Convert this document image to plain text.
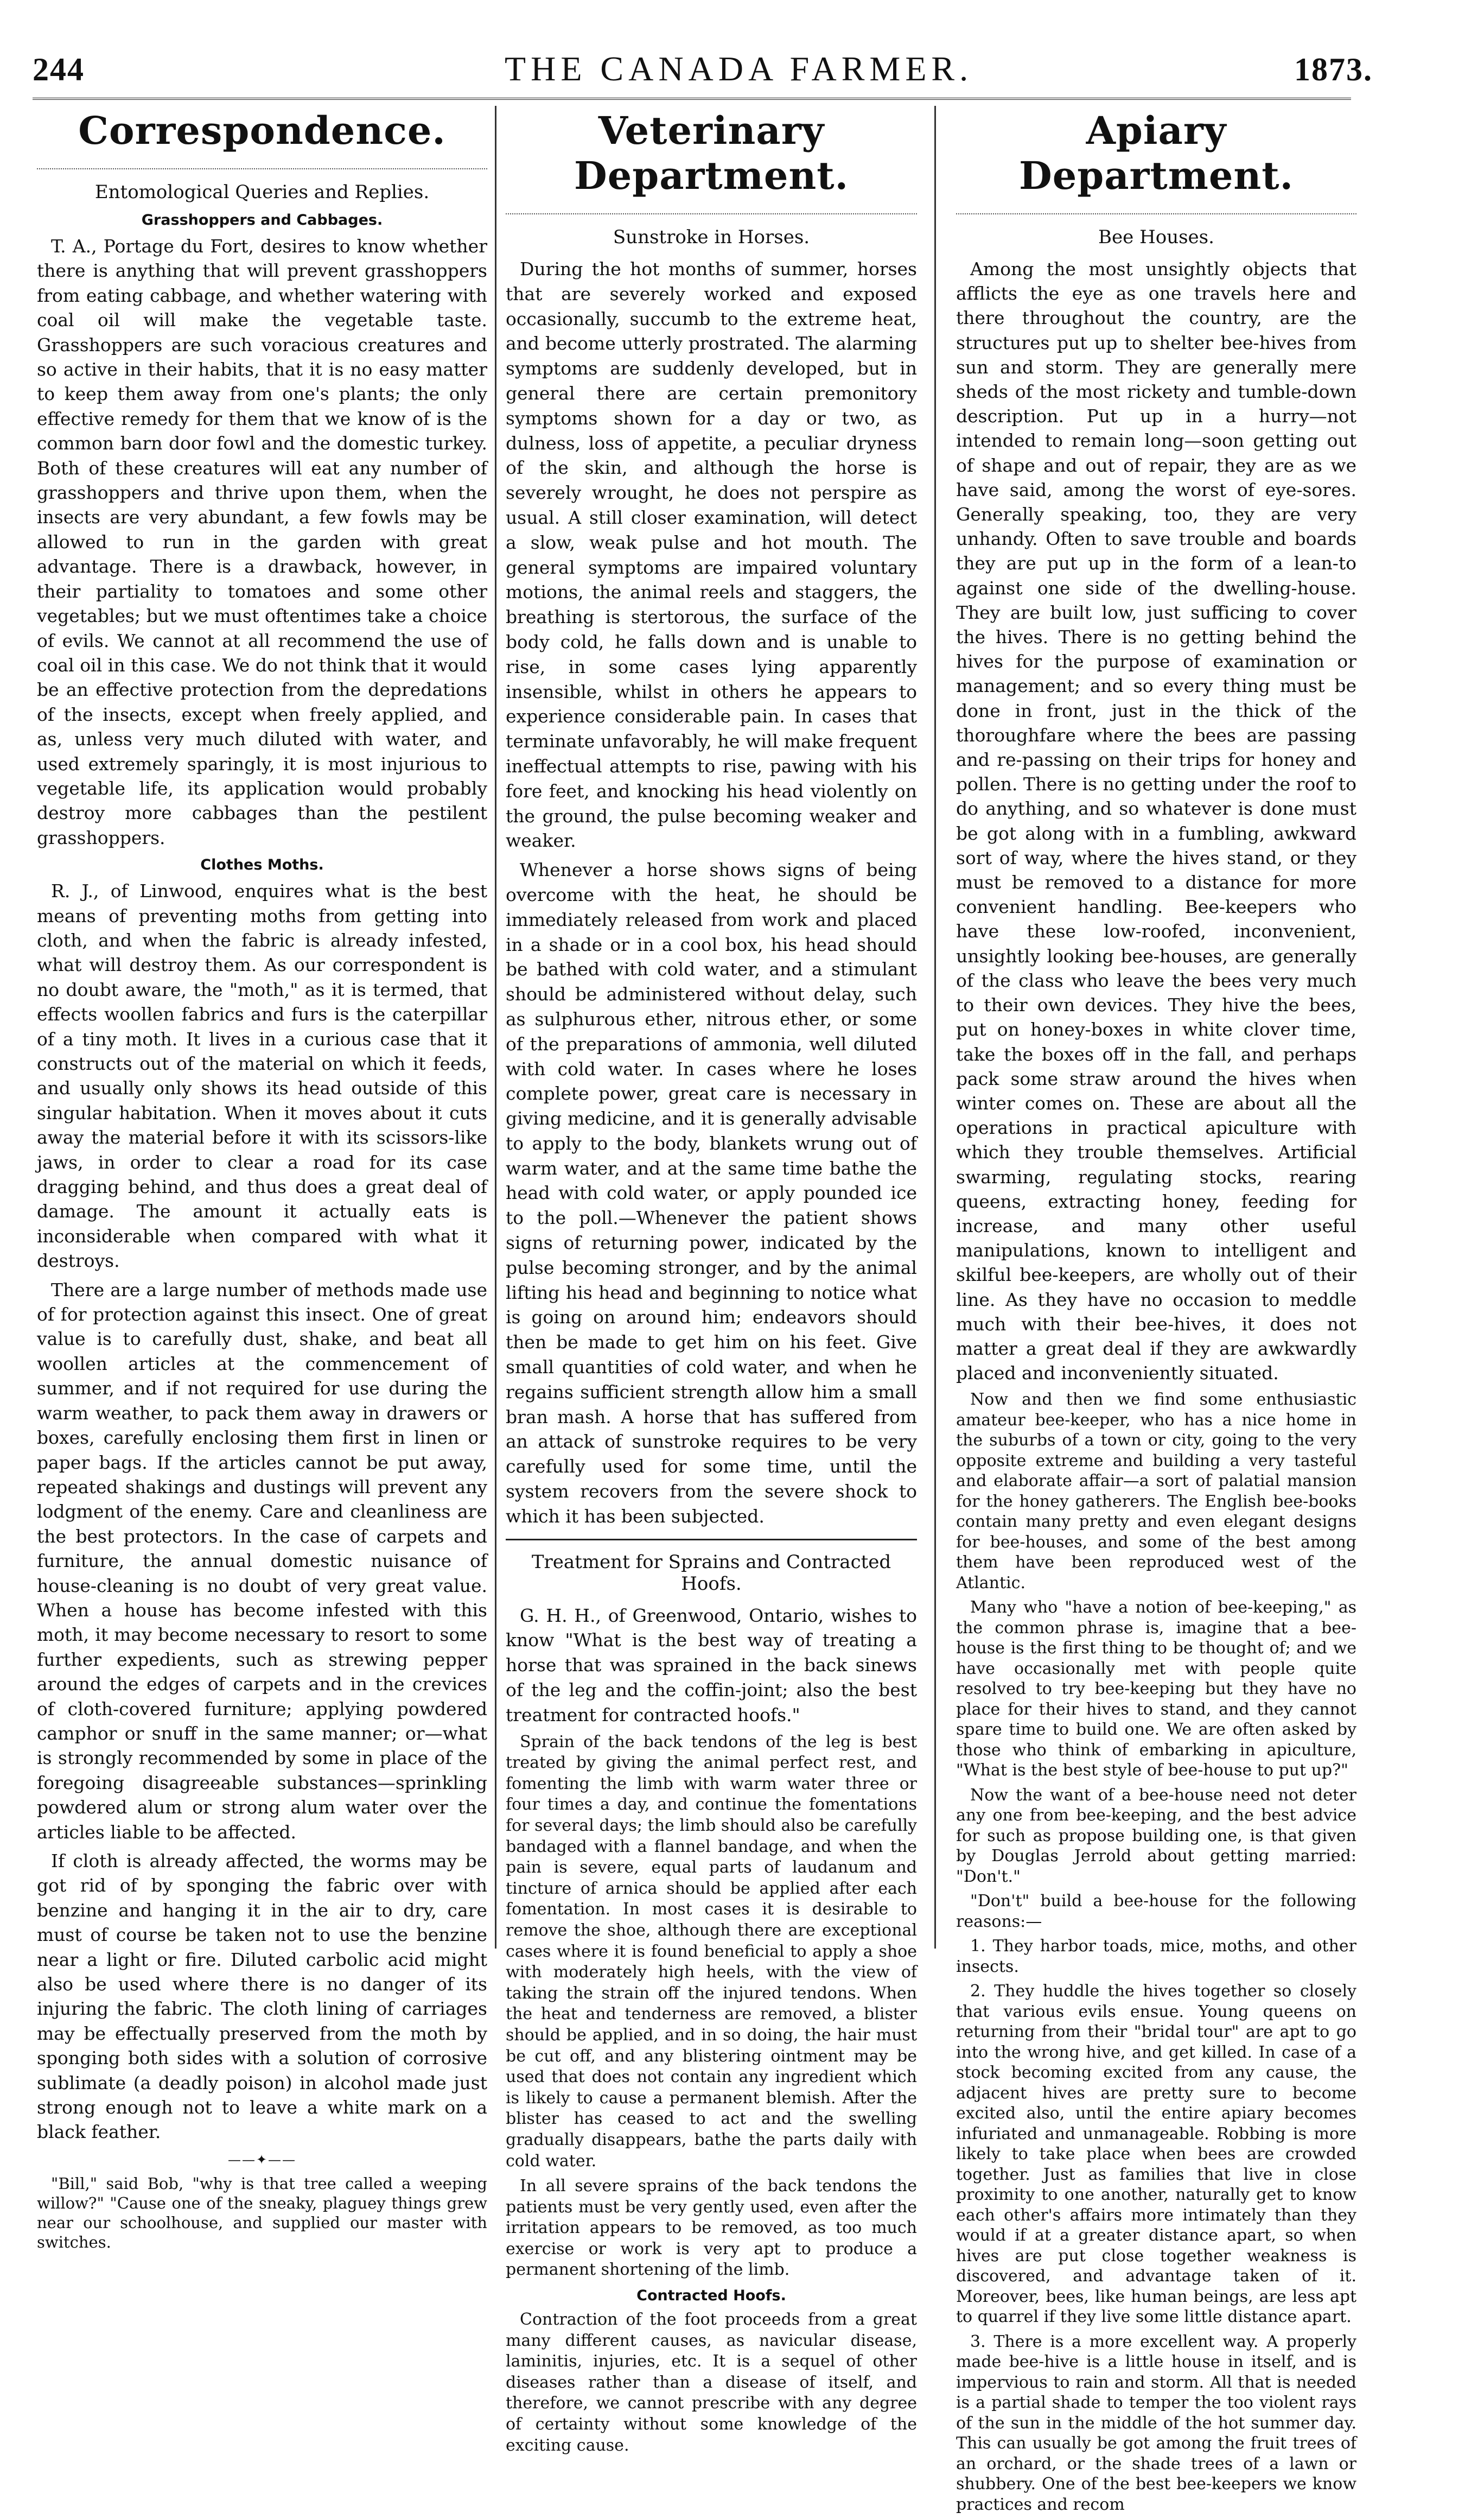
244	THE CANADA FARMER.	1873.
Correspondence.
Entomological Queries and Replies.
Grasshoppers and Cabbages.

T. A., Portage du Fort, desires to know whether there is anything that will prevent grasshoppers from eating cabbage, and whether watering with coal oil will make the vegetable taste. Grasshoppers are such voracious creatures and so active in their habits, that it is no easy matter to keep them away from one's plants; the only effective remedy for them that we know of is the common barn door fowl and the domestic turkey. Both of these creatures will eat any number of grasshoppers and thrive upon them, when the insects are very abundant, a few fowls may be allowed to run in the garden with great advantage. There is a drawback, however, in their partiality to tomatoes and some other vegetables; but we must oftentimes take a choice of evils. We cannot at all recommend the use of coal oil in this case. We do not think that it would be an effective protection from the depredations of the insects, except when freely applied, and as, unless very much diluted with water, and used extremely sparingly, it is most injurious to vegetable life, its application would probably destroy more cabbages than the pestilent grasshoppers.

Clothes Moths.

R. J., of Linwood, enquires what is the best means of preventing moths from getting into cloth, and when the fabric is already infested, what will destroy them. As our correspondent is no doubt aware, the "moth," as it is termed, that effects woollen fabrics and furs is the caterpillar of a tiny moth. It lives in a curious case that it constructs out of the material on which it feeds, and usually only shows its head outside of this singular habitation. When it moves about it cuts away the material before it with its scissors-like jaws, in order to clear a road for its case dragging behind, and thus does a great deal of damage. The amount it actually eats is inconsiderable when compared with what it destroys.

There are a large number of methods made use of for protection against this insect. One of great value is to carefully dust, shake, and beat all woollen articles at the commencement of summer, and if not required for use during the warm weather, to pack them away in drawers or boxes, carefully enclosing them first in linen or paper bags. If the articles cannot be put away, repeated shakings and dustings will prevent any lodgment of the enemy. Care and cleanliness are the best protectors. In the case of carpets and furniture, the annual domestic nuisance of house-cleaning is no doubt of very great value. When a house has become infested with this moth, it may become necessary to resort to some further expedients, such as strewing pepper around the edges of carpets and in the crevices of cloth-covered furniture; applying powdered camphor or snuff in the same manner; or—what is strongly recommended by some in place of the foregoing disagreeable substances—sprinkling powdered alum or strong alum water over the articles liable to be affected.

If cloth is already affected, the worms may be got rid of by sponging the fabric over with benzine and hanging it in the air to dry, care must of course be taken not to use the benzine near a light or fire. Diluted carbolic acid might also be used where there is no danger of its injuring the fabric. The cloth lining of carriages may be effectually preserved from the moth by sponging both sides with a solution of corrosive sublimate (a deadly poison) in alcohol made just strong enough not to leave a white mark on a black feather.

——✦——

"Bill," said Bob, "why is that tree called a weeping willow?" "Cause one of the sneaky, plaguey things grew near our schoolhouse, and supplied our master with switches.

Veterinary Department.
Sunstroke in Horses.

During the hot months of summer, horses that are severely worked and exposed occasionally, succumb to the extreme heat, and become utterly prostrated. The alarming symptoms are suddenly developed, but in general there are certain premonitory symptoms shown for a day or two, as dulness, loss of appetite, a peculiar dryness of the skin, and although the horse is severely wrought, he does not perspire as usual. A still closer examination, will detect a slow, weak pulse and hot mouth. The general symptoms are impaired voluntary motions, the animal reels and staggers, the breathing is stertorous, the surface of the body cold, he falls down and is unable to rise, in some cases lying apparently insensible, whilst in others he appears to experience considerable pain. In cases that terminate unfavorably, he will make frequent ineffectual attempts to rise, pawing with his fore feet, and knocking his head violently on the ground, the pulse becoming weaker and weaker.

Whenever a horse shows signs of being overcome with the heat, he should be immediately released from work and placed in a shade or in a cool box, his head should be bathed with cold water, and a stimulant should be administered without delay, such as sulphurous ether, nitrous ether, or some of the preparations of ammonia, well diluted with cold water. In cases where he loses complete power, great care is necessary in giving medicine, and it is generally advisable to apply to the body, blankets wrung out of warm water, and at the same time bathe the head with cold water, or apply pounded ice to the poll.—Whenever the patient shows signs of returning power, indicated by the pulse becoming stronger, and by the animal lifting his head and beginning to notice what is going on around him; endeavors should then be made to get him on his feet. Give small quantities of cold water, and when he regains sufficient strength allow him a small bran mash. A horse that has suffered from an attack of sunstroke requires to be very carefully used for some time, until the system recovers from the severe shock to which it has been subjected.

Treatment for Sprains and Contracted Hoofs.

G. H. H., of Greenwood, Ontario, wishes to know "What is the best way of treating a horse that was sprained in the back sinews of the leg and the coffin-joint; also the best treatment for contracted hoofs."

Sprain of the back tendons of the leg is best treated by giving the animal perfect rest, and fomenting the limb with warm water three or four times a day, and continue the fomentations for several days; the limb should also be carefully bandaged with a flannel bandage, and when the pain is severe, equal parts of laudanum and tincture of arnica should be applied after each fomentation. In most cases it is desirable to remove the shoe, although there are exceptional cases where it is found beneficial to apply a shoe with moderately high heels, with the view of taking the strain off the injured tendons. When the heat and tenderness are removed, a blister should be applied, and in so doing, the hair must be cut off, and any blistering ointment may be used that does not contain any ingredient which is likely to cause a permanent blemish. After the blister has ceased to act and the swelling gradually disappears, bathe the parts daily with cold water.

In all severe sprains of the back tendons the patients must be very gently used, even after the irritation appears to be removed, as too much exercise or work is very apt to produce a permanent shortening of the limb.

Contracted Hoofs.

Contraction of the foot proceeds from a great many different causes, as navicular disease, laminitis, injuries, etc. It is a sequel of other diseases rather than a disease of itself, and therefore, we cannot prescribe with any degree of certainty without some knowledge of the exciting cause.

Apiary Department.
Bee Houses.

Among the most unsightly objects that afflicts the eye as one travels here and there throughout the country, are the structures put up to shelter bee-hives from sun and storm. They are generally mere sheds of the most rickety and tumble-down description. Put up in a hurry—not intended to remain long—soon getting out of shape and out of repair, they are as we have said, among the worst of eye-sores. Generally speaking, too, they are very unhandy. Often to save trouble and boards they are put up in the form of a lean-to against one side of the dwelling-house. They are built low, just sufficing to cover the hives. There is no getting behind the hives for the purpose of examination or management; and so every thing must be done in front, just in the thick of the thoroughfare where the bees are passing and re-passing on their trips for honey and pollen. There is no getting under the roof to do anything, and so whatever is done must be got along with in a fumbling, awkward sort of way, where the hives stand, or they must be removed to a distance for more convenient handling. Bee-keepers who have these low-roofed, inconvenient, unsightly looking bee-houses, are generally of the class who leave the bees very much to their own devices. They hive the bees, put on honey-boxes in white clover time, take the boxes off in the fall, and perhaps pack some straw around the hives when winter comes on. These are about all the operations in practical apiculture with which they trouble themselves. Artificial swarming, regulating stocks, rearing queens, extracting honey, feeding for increase, and many other useful manipulations, known to intelligent and skilful bee-keepers, are wholly out of their line. As they have no occasion to meddle much with their bee-hives, it does not matter a great deal if they are awkwardly placed and inconveniently situated.

Now and then we find some enthusiastic amateur bee-keeper, who has a nice home in the suburbs of a town or city, going to the very opposite extreme and building a very tasteful and elaborate affair—a sort of palatial mansion for the honey gatherers. The English bee-books contain many pretty and even elegant designs for bee-houses, and some of the best among them have been reproduced west of the Atlantic.

Many who "have a notion of bee-keeping," as the common phrase is, imagine that a bee-house is the first thing to be thought of; and we have occasionally met with people quite resolved to try bee-keeping but they have no place for their hives to stand, and they cannot spare time to build one. We are often asked by those who think of embarking in apiculture, "What is the best style of bee-house to put up?"

Now the want of a bee-house need not deter any one from bee-keeping, and the best advice for such as propose building one, is that given by Douglas Jerrold about getting married: "Don't."

"Don't" build a bee-house for the following reasons:—

1. They harbor toads, mice, moths, and other insects.

2. They huddle the hives together so closely that various evils ensue. Young queens on returning from their "bridal tour" are apt to go into the wrong hive, and get killed. In case of a stock becoming excited from any cause, the adjacent hives are pretty sure to become excited also, until the entire apiary becomes infuriated and unmanageable. Robbing is more likely to take place when bees are crowded together. Just as families that live in close proximity to one another, naturally get to know each other's affairs more intimately than they would if at a greater distance apart, so when hives are put close together weakness is discovered, and advantage taken of it. Moreover, bees, like human beings, are less apt to quarrel if they live some little distance apart.

3. There is a more excellent way. A properly made bee-hive is a little house in itself, and is impervious to rain and storm. All that is needed is a partial shade to temper the too violent rays of the sun in the middle of the hot summer day. This can usually be got among the fruit trees of an orchard, or the shade trees of a lawn or shubbery. One of the best bee-keepers we know practices and recom
